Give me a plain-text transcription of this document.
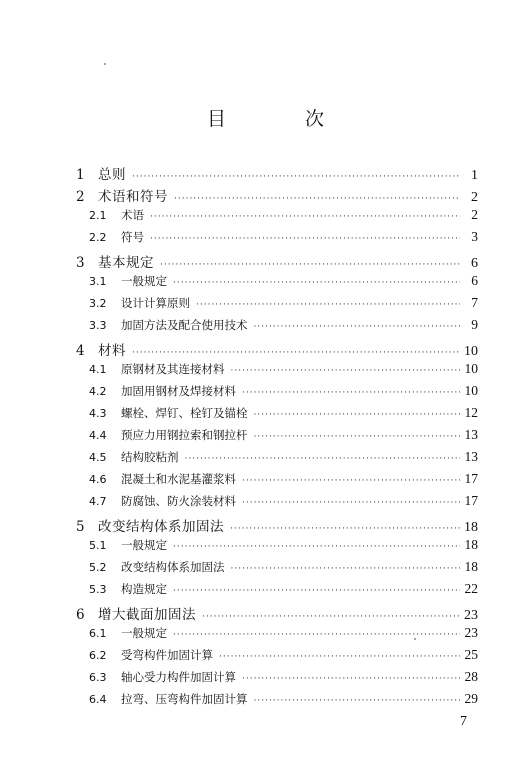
目　次
1 总则 ·····	1
2 术语和符号 ·····	2
2.1	术语 ·····	2
2.2	符号 ·····	3
3 基本规定 ·····	6
3.1	一般规定 ·····	6
3.2	设计计算原则 ·····	7
3.3	加固方法及配合使用技术 ·····	9
4 材料 ·····	10
4.1	原钢材及其连接材料 ·····	10
4.2	加固用钢材及焊接材料 ·····	10
4.3	螺栓、焊钉、栓钉及锚栓 ·····	12
4.4	预应力用钢拉索和钢拉杆 ·····	13
4.5	结构胶粘剂 ·····	13
4.6	混凝土和水泥基灌浆料 ·····	17
4.7	防腐蚀、防火涂装材料 ·····	17
5 改变结构体系加固法 ·····	18
5.1	一般规定 ·····	18
5.2	改变结构体系加固法 ·····	18
5.3	构造规定 ·····	22
6 增大截面加固法 ·····	23
6.1	一般规定 ·····	23
6.2	受弯构件加固计算 ·····	25
6.3	轴心受力构件加固计算 ·····	28
6.4	拉弯、压弯构件加固计算 ·····	29
7
